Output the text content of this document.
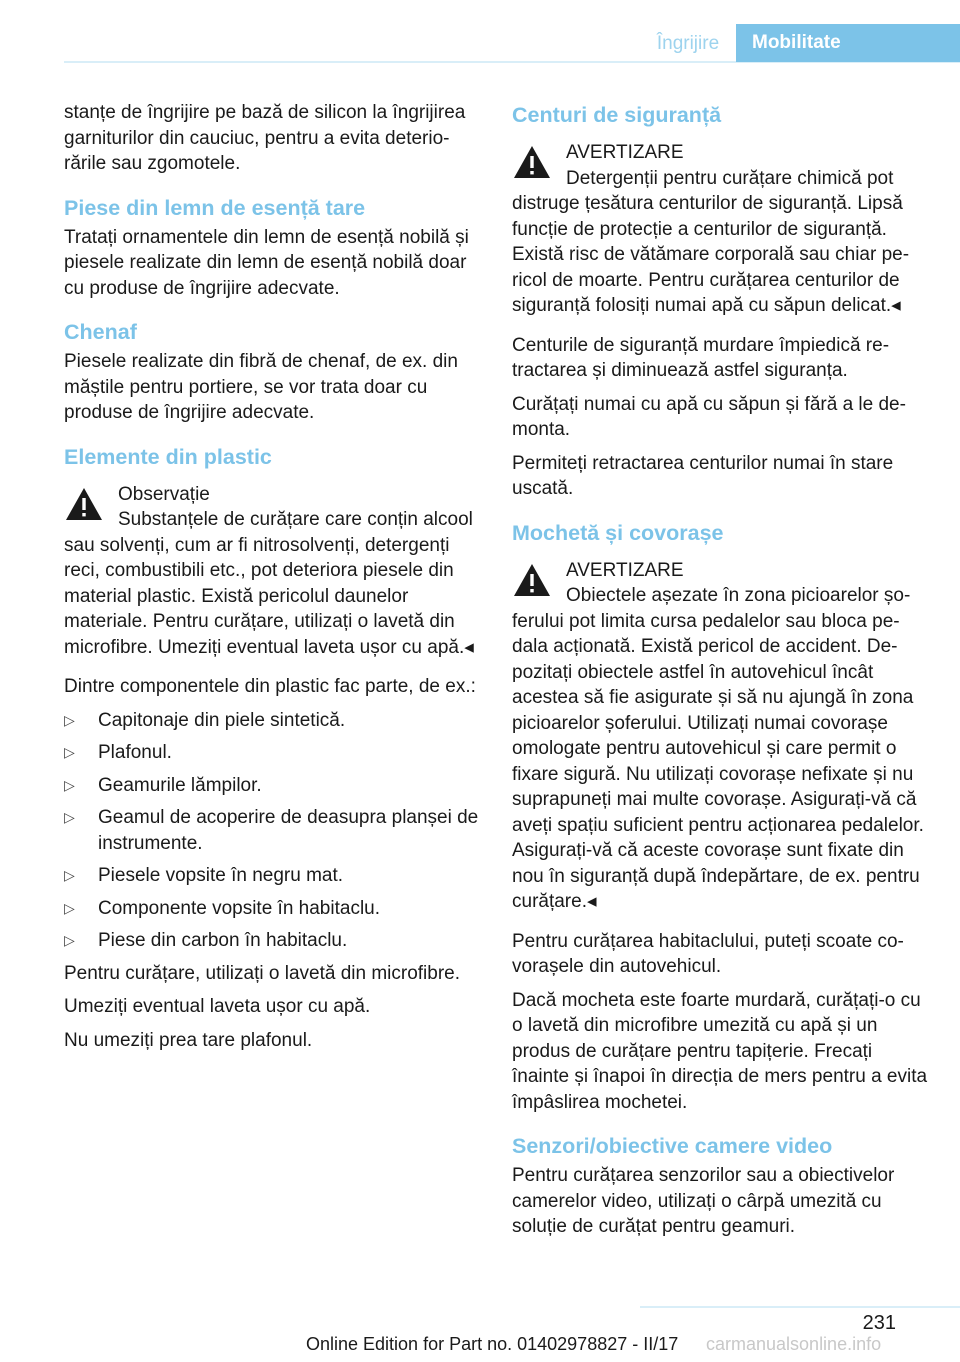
Îngrijire	Mobilitate

stanțe de îngrijire pe bază de silicon la îngrijirea garniturilor din cauciuc, pentru a evita deteriorările sau zgomotele.

Piese din lemn de esență tare

Tratați ornamentele din lemn de esență nobilă și piesele realizate din lemn de esență nobilă doar cu produse de îngrijire adecvate.

Chenaf

Piesele realizate din fibră de chenaf, de ex. din măștile pentru portiere, se vor trata doar cu produse de îngrijire adecvate.

Elemente din plastic
Observație
Substanțele de curățare care conțin alcool sau solvenți, cum ar fi nitrosolvenți, detergenți reci, combustibili etc., pot deteriora piesele din material plastic. Există pericolul daunelor materiale. Pentru curățare, utilizați o lavetă din microfibre. Umeziți eventual laveta ușor cu apă.◂

Dintre componentele din plastic fac parte, de ex.:

▷ Capitonaje din piele sintetică.
▷ Plafonul.
▷ Geamurile lămpilor.
▷ Geamul de acoperire de deasupra planșei de instrumente.
▷ Piesele vopsite în negru mat.
▷ Componente vopsite în habitaclu.
▷ Piese din carbon în habitaclu.

Pentru curățare, utilizați o lavetă din microfibre.

Umeziți eventual laveta ușor cu apă.

Nu umeziți prea tare plafonul.

Centuri de siguranță
AVERTIZARE
Detergenții pentru curățare chimică pot distruge țesătura centurilor de siguranță. Lipsă funcție de protecție a centurilor de siguranță. Există risc de vătămare corporală sau chiar pericol de moarte. Pentru curățarea centurilor de siguranță folosiți numai apă cu săpun delicat.◂

Centurile de siguranță murdare împiedică retractarea și diminuează astfel siguranța.

Curățați numai cu apă cu săpun și fără a le demonta.

Permiteți retractarea centurilor numai în stare uscată.

Mochetă și covorașe
AVERTIZARE
Obiectele așezate în zona picioarelor șoferului pot limita cursa pedalelor sau bloca pedala acționată. Există pericol de accident. Depozitați obiectele astfel în autovehicul încât acestea să fie asigurate și să nu ajungă în zona picioarelor șoferului. Utilizați numai covorașe omologate pentru autovehicul și care permit o fixare sigură. Nu utilizați covorașe nefixate și nu suprapuneți mai multe covorașe. Asigurați-vă că aveți spațiu suficient pentru acționarea pedalelor. Asigurați-vă că aceste covorașe sunt fixate din nou în siguranță după îndepărtare, de ex. pentru curățare.◂

Pentru curățarea habitaclului, puteți scoate covorașele din autovehicul.

Dacă mocheta este foarte murdară, curățați-o cu o lavetă din microfibre umezită cu apă și un produs de curățare pentru tapițerie. Frecați înainte și înapoi în direcția de mers pentru a evita împâslirea mochetei.

Senzori/obiective camere video

Pentru curățarea senzorilor sau a obiectivelor camerelor video, utilizați o cârpă umezită cu soluție de curățat pentru geamuri.

231
Online Edition for Part no. 01402978827 - II/17	carmanualsonline.info
